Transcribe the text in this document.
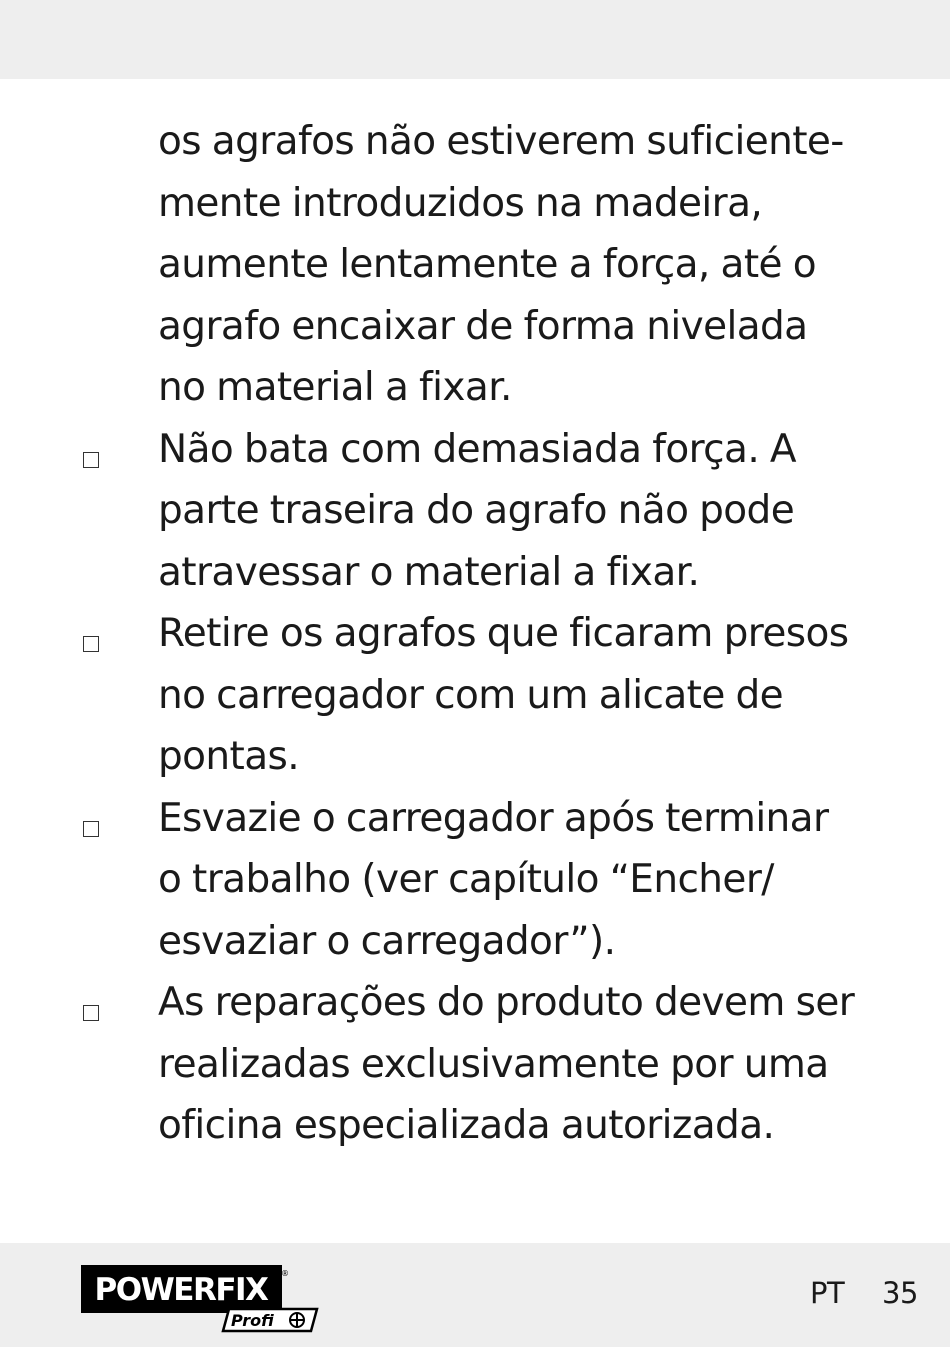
os agrafos não estiverem suficiente-
mente introduzidos na madeira,
aumente lentamente a força, até o
agrafo encaixar de forma nivelada
no material a fixar.

Não bata com demasiada força. A
parte traseira do agrafo não pode
atravessar o material a fixar.

Retire os agrafos que ficaram presos
no carregador com um alicate de
pontas.

Esvazie o carregador após terminar
o trabalho (ver capítulo “Encher/
esvaziar o carregador”).

As reparações do produto devem ser
realizadas exclusivamente por uma
oficina especializada autorizada.

POWERFIX ®
Profi
PT 35
